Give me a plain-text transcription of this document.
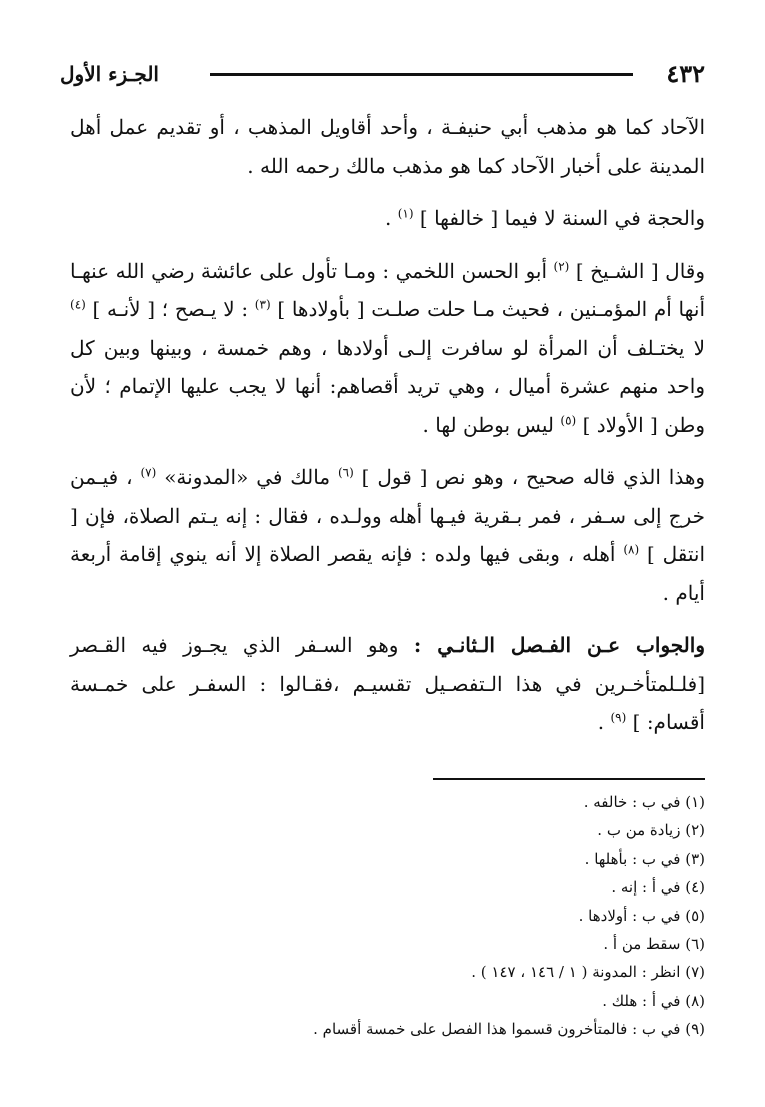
٤٣٢
الجـزء الأول

الآحاد كما هو مذهب أبي حنيفـة ، وأحد أقاويل المذهب ، أو تقديم عمل أهل المدينة على أخبار الآحاد كما هو مذهب مالك رحمه الله .

والحجة في السنة لا فيما [ خالفها ] $^{(١)}$ .

وقال [ الشـيخ ] $^{(٢)}$ أبو الحسن اللخمي : ومـا تأول على عائشة رضي الله عنهـا أنها أم المؤمـنين ، فحيث مـا حلت صلـت [ بأولادها ] $^{(٣)}$ : لا يـصح ؛ [ لأنـه ] $^{(٤)}$ لا يختـلف أن المرأة لو سافرت إلـى أولادها ، وهم خمسة ، وبينها وبين كل واحد منهم عشرة أميال ، وهي تريد أقصاهم: أنها لا يجب عليها الإتمام ؛ لأن وطن [ الأولاد ] $^{(٥)}$ ليس بوطن لها .

وهذا الذي قاله صحيح ، وهو نص [ قول ] $^{(٦)}$ مالك في «المدونة» $^{(٧)}$ ، فيـمن خرج إلى سـفر ، فمر بـقرية فيـها أهله وولـده ، فقال : إنه يـتم الصلاة، فإن [ انتقل ] $^{(٨)}$ أهله ، وبقى فيها ولده : فإنه يقصر الصلاة إلا أنه ينوي إقامة أربعة أيام .

والجواب عـن الفـصل الـثانـي : وهو السـفر الذي يجـوز فيه القـصر [فلـلمتأخـرين في هذا الـتفصـيل تقسيـم ،فقـالوا : السفـر على خمـسة أقسام: ] $^{(٩)}$ .

(١) في ب : خالفه .
(٢) زيادة من ب .
(٣) في ب : بأهلها .
(٤) في أ : إنه .
(٥) في ب : أولادها .
(٦) سقط من أ .
(٧) انظر : المدونة ( ١ / ١٤٦ ، ١٤٧ ) .
(٨) في أ : هلك .
(٩) في ب : فالمتأخرون قسموا هذا الفصل على خمسة أقسام .
